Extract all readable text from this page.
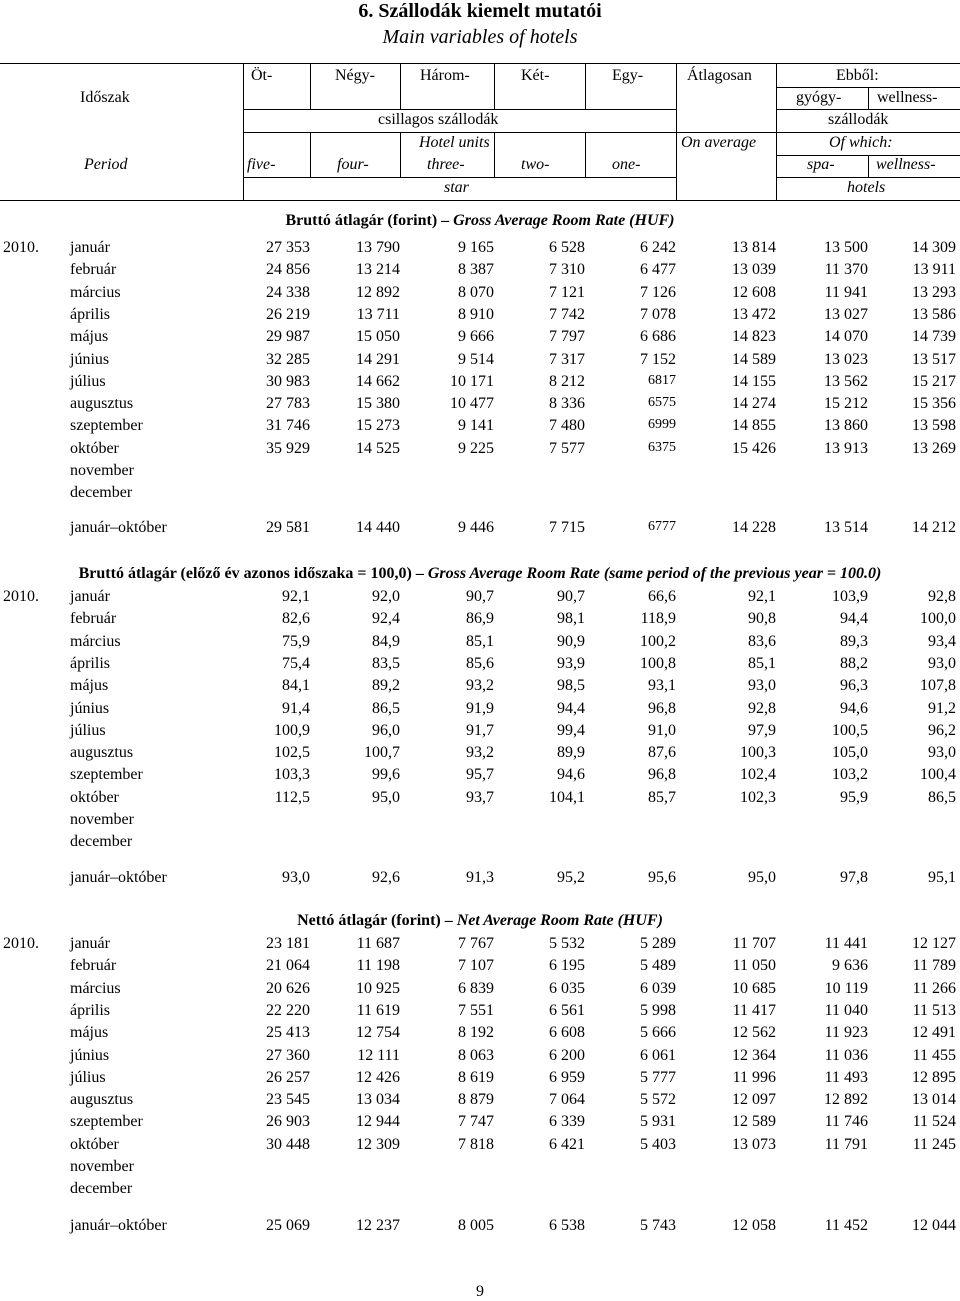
6. Szállodák kiemelt mutatói
Main variables of hotels
Időszak
Öt-	Négy-	Három-	Két-	Egy-	Átlagosan	Ebből:
gyógy- wellness-
csillagos szállodák	szállodák
Hotel units	On average	Of which:
Period	five-	four-	three-	two-	one-	spa-	wellness-
star	hotels
Bruttó átlagár (forint) – Gross Average Room Rate (HUF)
2010. január	27 353	13 790	9 165	6 528	6 242	13 814	13 500	14 309
február	24 856	13 214	8 387	7 310	6 477	13 039	11 370	13 911
március	24 338	12 892	8 070	7 121	7 126	12 608	11 941	13 293
április	26 219	13 711	8 910	7 742	7 078	13 472	13 027	13 586
május	29 987	15 050	9 666	7 797	6 686	14 823	14 070	14 739
június	32 285	14 291	9 514	7 317	7 152	14 589	13 023	13 517
július	30 983	14 662	10 171	8 212	6817	14 155	13 562	15 217
augusztus	27 783	15 380	10 477	8 336	6575	14 274	15 212	15 356
szeptember	31 746	15 273	9 141	7 480	6999	14 855	13 860	13 598
október	35 929	14 525	9 225	7 577	6375	15 426	13 913	13 269
november
december
január–október	29 581	14 440	9 446	7 715	6777	14 228	13 514	14 212
Bruttó átlagár (előző év azonos időszaka = 100,0) – Gross Average Room Rate (same period of the previous year = 100.0)
2010. január	92,1	92,0	90,7	90,7	66,6	92,1	103,9	92,8
február	82,6	92,4	86,9	98,1	118,9	90,8	94,4	100,0
március	75,9	84,9	85,1	90,9	100,2	83,6	89,3	93,4
április	75,4	83,5	85,6	93,9	100,8	85,1	88,2	93,0
május	84,1	89,2	93,2	98,5	93,1	93,0	96,3	107,8
június	91,4	86,5	91,9	94,4	96,8	92,8	94,6	91,2
július	100,9	96,0	91,7	99,4	91,0	97,9	100,5	96,2
augusztus	102,5	100,7	93,2	89,9	87,6	100,3	105,0	93,0
szeptember	103,3	99,6	95,7	94,6	96,8	102,4	103,2	100,4
október	112,5	95,0	93,7	104,1	85,7	102,3	95,9	86,5
november
december
január–október	93,0	92,6	91,3	95,2	95,6	95,0	97,8	95,1
Nettó átlagár (forint) – Net Average Room Rate (HUF)
2010. január	23 181	11 687	7 767	5 532	5 289	11 707	11 441	12 127
február	21 064	11 198	7 107	6 195	5 489	11 050	9 636	11 789
március	20 626	10 925	6 839	6 035	6 039	10 685	10 119	11 266
április	22 220	11 619	7 551	6 561	5 998	11 417	11 040	11 513
május	25 413	12 754	8 192	6 608	5 666	12 562	11 923	12 491
június	27 360	12 111	8 063	6 200	6 061	12 364	11 036	11 455
július	26 257	12 426	8 619	6 959	5 777	11 996	11 493	12 895
augusztus	23 545	13 034	8 879	7 064	5 572	12 097	12 892	13 014
szeptember	26 903	12 944	7 747	6 339	5 931	12 589	11 746	11 524
október	30 448	12 309	7 818	6 421	5 403	13 073	11 791	11 245
november
december
január–október	25 069	12 237	8 005	6 538	5 743	12 058	11 452	12 044
9
